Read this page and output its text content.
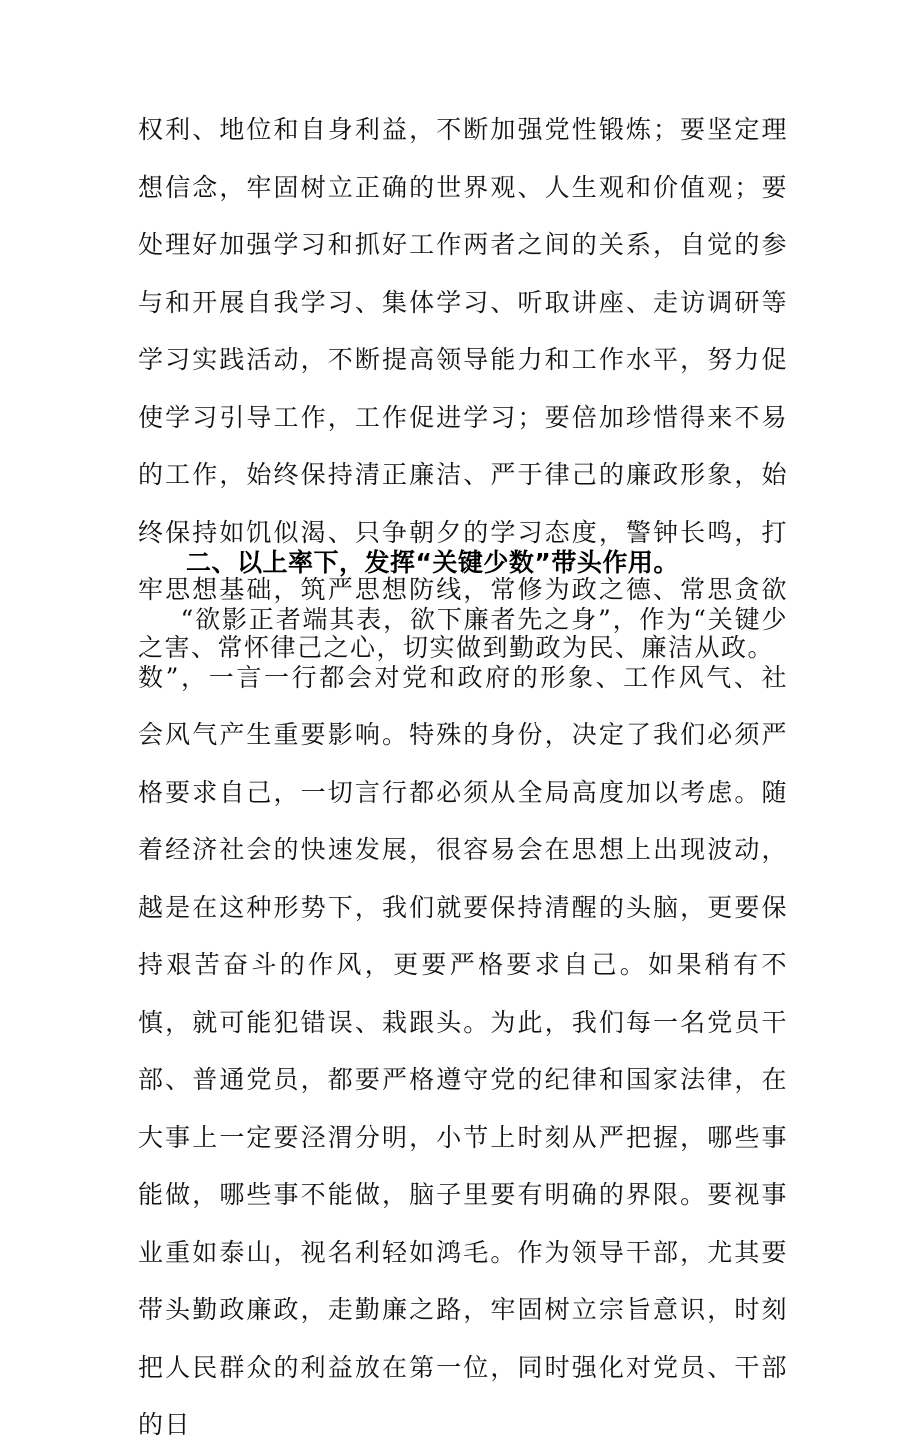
权利、地位和自身利益，不断加强党性锻炼；要坚定理想信念，牢固树立正确的世界观、人生观和价值观；要处理好加强学习和抓好工作两者之间的关系，自觉的参与和开展自我学习、集体学习、听取讲座、走访调研等学习实践活动，不断提高领导能力和工作水平，努力促使学习引导工作，工作促进学习；要倍加珍惜得来不易的工作，始终保持清正廉洁、严于律己的廉政形象，始终保持如饥似渴、只争朝夕的学习态度，警钟长鸣，打牢思想基础，筑严思想防线，常修为政之德、常思贪欲之害、常怀律己之心，切实做到勤政为民、廉洁从政。

二、以上率下，发挥“关键少数”带头作用。

“欲影正者端其表，欲下廉者先之身”，作为“关键少数”，一言一行都会对党和政府的形象、工作风气、社会风气产生重要影响。特殊的身份，决定了我们必须严格要求自己，一切言行都必须从全局高度加以考虑。随着经济社会的快速发展，很容易会在思想上出现波动，越是在这种形势下，我们就要保持清醒的头脑，更要保持艰苦奋斗的作风，更要严格要求自己。如果稍有不慎，就可能犯错误、栽跟头。为此，我们每一名党员干部、普通党员，都要严格遵守党的纪律和国家法律，在大事上一定要泾渭分明，小节上时刻从严把握，哪些事能做，哪些事不能做，脑子里要有明确的界限。要视事业重如泰山，视名利轻如鸿毛。作为领导干部，尤其要带头勤政廉政，走勤廉之路，牢固树立宗旨意识，时刻把人民群众的利益放在第一位，同时强化对党员、干部的日
